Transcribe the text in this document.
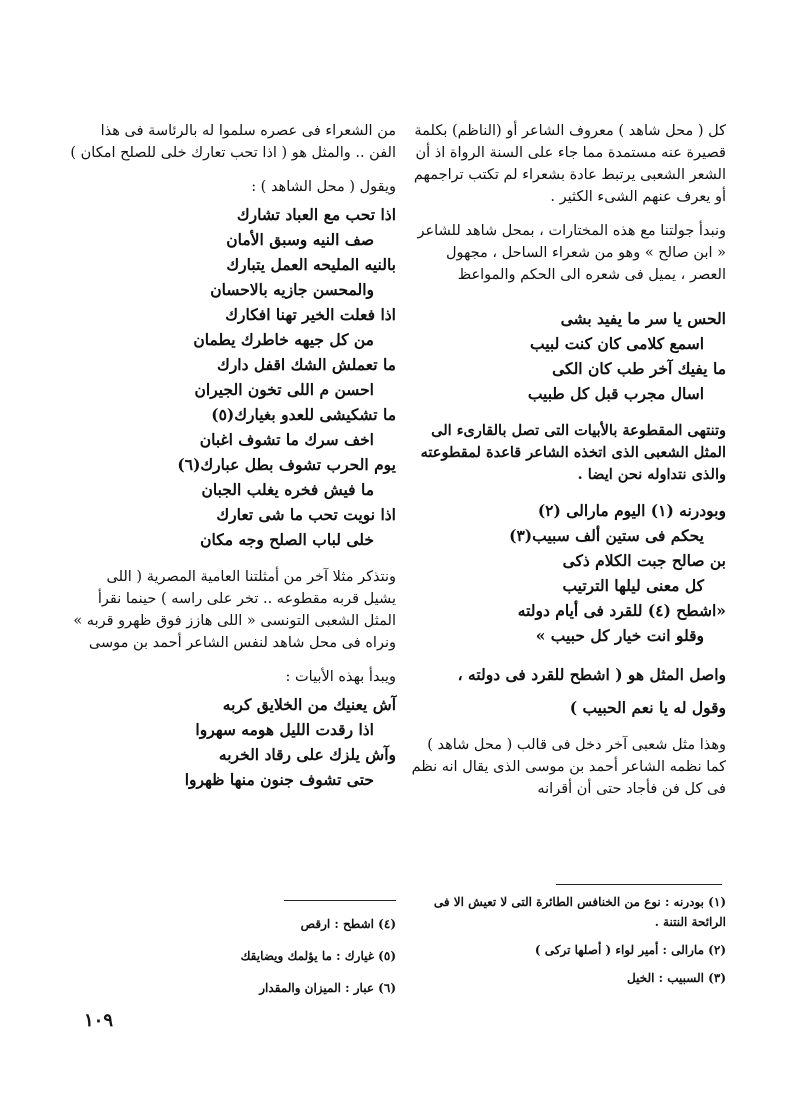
كل ( محل شاهد ) معروف الشاعر أو (الناظم) بكلمة قصيرة عنه مستمدة مما جاء على السنة الرواة اذ أن الشعر الشعبى يرتبط عادة بشعراء لم تكتب تراجمهم أو يعرف عنهم الشىء الكثير .

ونبدأ جولتنا مع هذه المختارات ، بمحل شاهد للشاعر « ابن صالح » وهو من شعراء الساحل ، مجهول العصر ، يميل فى شعره الى الحكم والمواعظ

الحس يا سر ما يفيد بشى

اسمع كلامى كان كنت لبيب

ما يفيك آخر طب كان الكى

اسال مجرب قبل كل طبيب

وتنتهى المقطوعة بالأبيات التى تصل بالقارىء الى المثل الشعبى الذى اتخذه الشاعر قاعدة لمقطوعته والذى نتداوله نحن ايضا .

وبودرنه (١) اليوم مارالى (٢)

يحكم فى ستين ألف سبيب(٣)

بن صالح جبت الكلام ذكى

كل معنى ليلها الترتيب

«اشطح (٤) للقرد فى أيام دولته

وقلو انت خيار كل حبيب »

واصل المثل هو ( اشطح للقرد فى دولته ،

وقول له يا نعم الحبيب )

وهذا مثل شعبى آخر دخل فى قالب ( محل شاهد ) كما نظمه الشاعر أحمد بن موسى الذى يقال انه نظم فى كل فن فأجاد حتى أن أقرانه

من الشعراء فى عصره سلموا له بالرئاسة فى هذا الفن .. والمثل هو ( اذا تحب تعارك خلى للصلح امكان )

ويقول ( محل الشاهد ) :

اذا تحب مع العباد تشارك

صف النيه وسبق الأمان

بالنيه المليحه العمل يتبارك

والمحسن جازيه بالاحسان

اذا فعلت الخير تهنا افكارك

من كل جيهه خاطرك يطمان

ما تعملش الشك اقفل دارك

احسن م اللى تخون الجيران

ما تشكيشى للعدو بغيارك(٥)

اخف سرك ما تشوف اغبان

يوم الحرب تشوف بطل عبارك(٦)

ما فيش فخره يغلب الجبان

اذا نويت تحب ما شى تعارك

خلى لباب الصلح وجه مكان

ونتذكر مثلا آخر من أمثلتنا العامية المصرية ( اللى يشيل قربه مقطوعه .. تخر على راسه ) حينما نقرأ المثل الشعبى التونسى « اللى هازز فوق ظهرو قربه » ونراه فى محل شاهد لنفس الشاعر أحمد بن موسى

ويبدأ بهذه الأبيات :

آش يعنيك من الخلايق كربه

اذا رقدت الليل هومه سهروا

وآش يلزك على رقاد الخربه

حتى تشوف جنون منها ظهروا

(١) بودرنه : نوع من الخنافس الطائرة التى لا تعيش الا فى الرائحة النتنة .

(٢) مارالى : أمير لواء ( أصلها تركى )

(٣) السبيب : الخيل

(٤) اشطح : ارقص

(٥) غيارك : ما يؤلمك ويضايقك

(٦) عبار : الميزان والمقدار

١٠٩
